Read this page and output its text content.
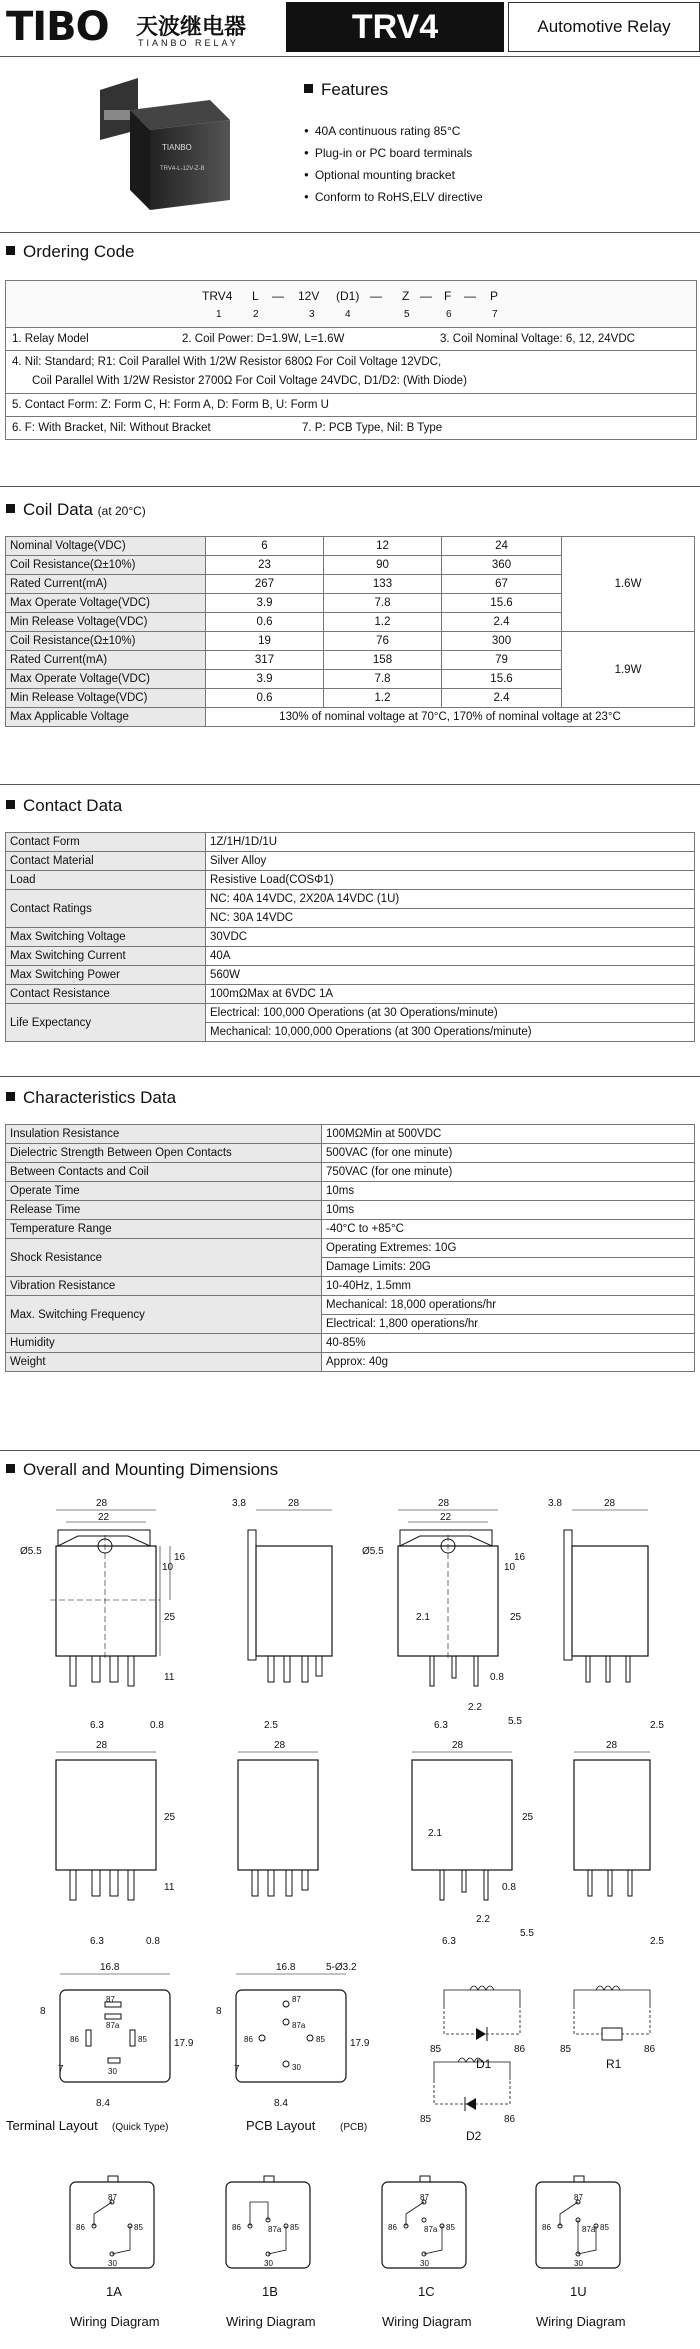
TIBO 天波继电器
TIANBO RELAY	TRV4	Automotive Relay
TIANBO
TRV4-L-12V-Z-B
Features
● 40A continuous rating 85°C
● Plug-in or PC board terminals
● Optional mounting bracket
● Conform to RoHS,ELV directive
Ordering Code
TRV4 L — 12V (D1) — Z — F — P
1	2	3	4	5	6	7
1. Relay Model	2. Coil Power: D=1.9W, L=1.6W	3. Coil Nominal Voltage: 6, 12, 24VDC
4. Nil: Standard; R1: Coil Parallel With 1/2W Resistor 680Ω For Coil Voltage 12VDC,
Coil Parallel With 1/2W Resistor 2700Ω For Coil Voltage 24VDC, D1/D2: (With Diode)
5. Contact Form: Z: Form C, H: Form A, D: Form B, U: Form U
6. F: With Bracket, Nil: Without Bracket	7. P: PCB Type, Nil: B Type
Coil Data (at 20°C)
Nominal Voltage(VDC)	6	12	24	1.6W
Coil Resistance(Ω±10%)	23	90	360	
Rated Current(mA)	267	133	67	
Max Operate Voltage(VDC)	3.9	7.8	15.6	
Min Release Voltage(VDC)	0.6	1.2	2.4	
Coil Resistance(Ω±10%)	19	76	300	1.9W
Rated Current(mA)	317	158	79	
Max Operate Voltage(VDC)	3.9	7.8	15.6	
Min Release Voltage(VDC)	0.6	1.2	2.4	
Max Applicable Voltage	130% of nominal voltage at 70°C, 170% of nominal voltage at 23°C			
Contact Data
Contact Form	1Z/1H/1D/1U
Contact Material	Silver Alloy
Load	Resistive Load(COSΦ1)
Contact Ratings	NC: 40A 14VDC, 2X20A 14VDC (1U)
	NC: 30A 14VDC
Max Switching Voltage	30VDC
Max Switching Current	40A
Max Switching Power	560W
Contact Resistance	100mΩMax at 6VDC 1A
Life Expectancy	Electrical: 100,000 Operations (at 30 Operations/minute)
	Mechanical: 10,000,000 Operations (at 300 Operations/minute)
Characteristics Data
Insulation Resistance	100MΩMin at 500VDC
Dielectric Strength Between Open Contacts	500VAC (for one minute)
Between Contacts and Coil	750VAC (for one minute)
Operate Time	10ms
Release Time	10ms
Temperature Range	-40°C to +85°C
Shock Resistance	Operating Extremes: 10G
	Damage Limits: 20G
Vibration Resistance	10-40Hz, 1.5mm
Max. Switching Frequency	Mechanical: 18,000 operations/hr
	Electrical: 1,800 operations/hr
Humidity	40-85%
Weight	Approx: 40g
Overall and Mounting Dimensions
28
22
Ø5.5
10
16
25
11
6.3	0.8
3.8	28
2.5
28
22
Ø5.5
10
16
25
2.1
0.8
2.2
6.3	5.5
3.8	28
2.5
28
25
11
6.3	0.8
28	28
25
2.1
0.8
2.2
6.3
5.5
28
2.5
16.8
8
17.9
7
8.4
87
87a
86	85
30
Terminal Layout (Quick Type)
16.8	5-Ø3.2
8
17.9
7
8.4
87
87a
86	85
30
PCB Layout (PCB)
85	86
D1
85	86
R1
85	86
D2
87
86	85
30
1A
Wiring Diagram
87a
86	85
30
1B
Wiring Diagram
87
87a
86	85
30
1C
Wiring Diagram
87
87a
86	85
30
1U
Wiring Diagram
